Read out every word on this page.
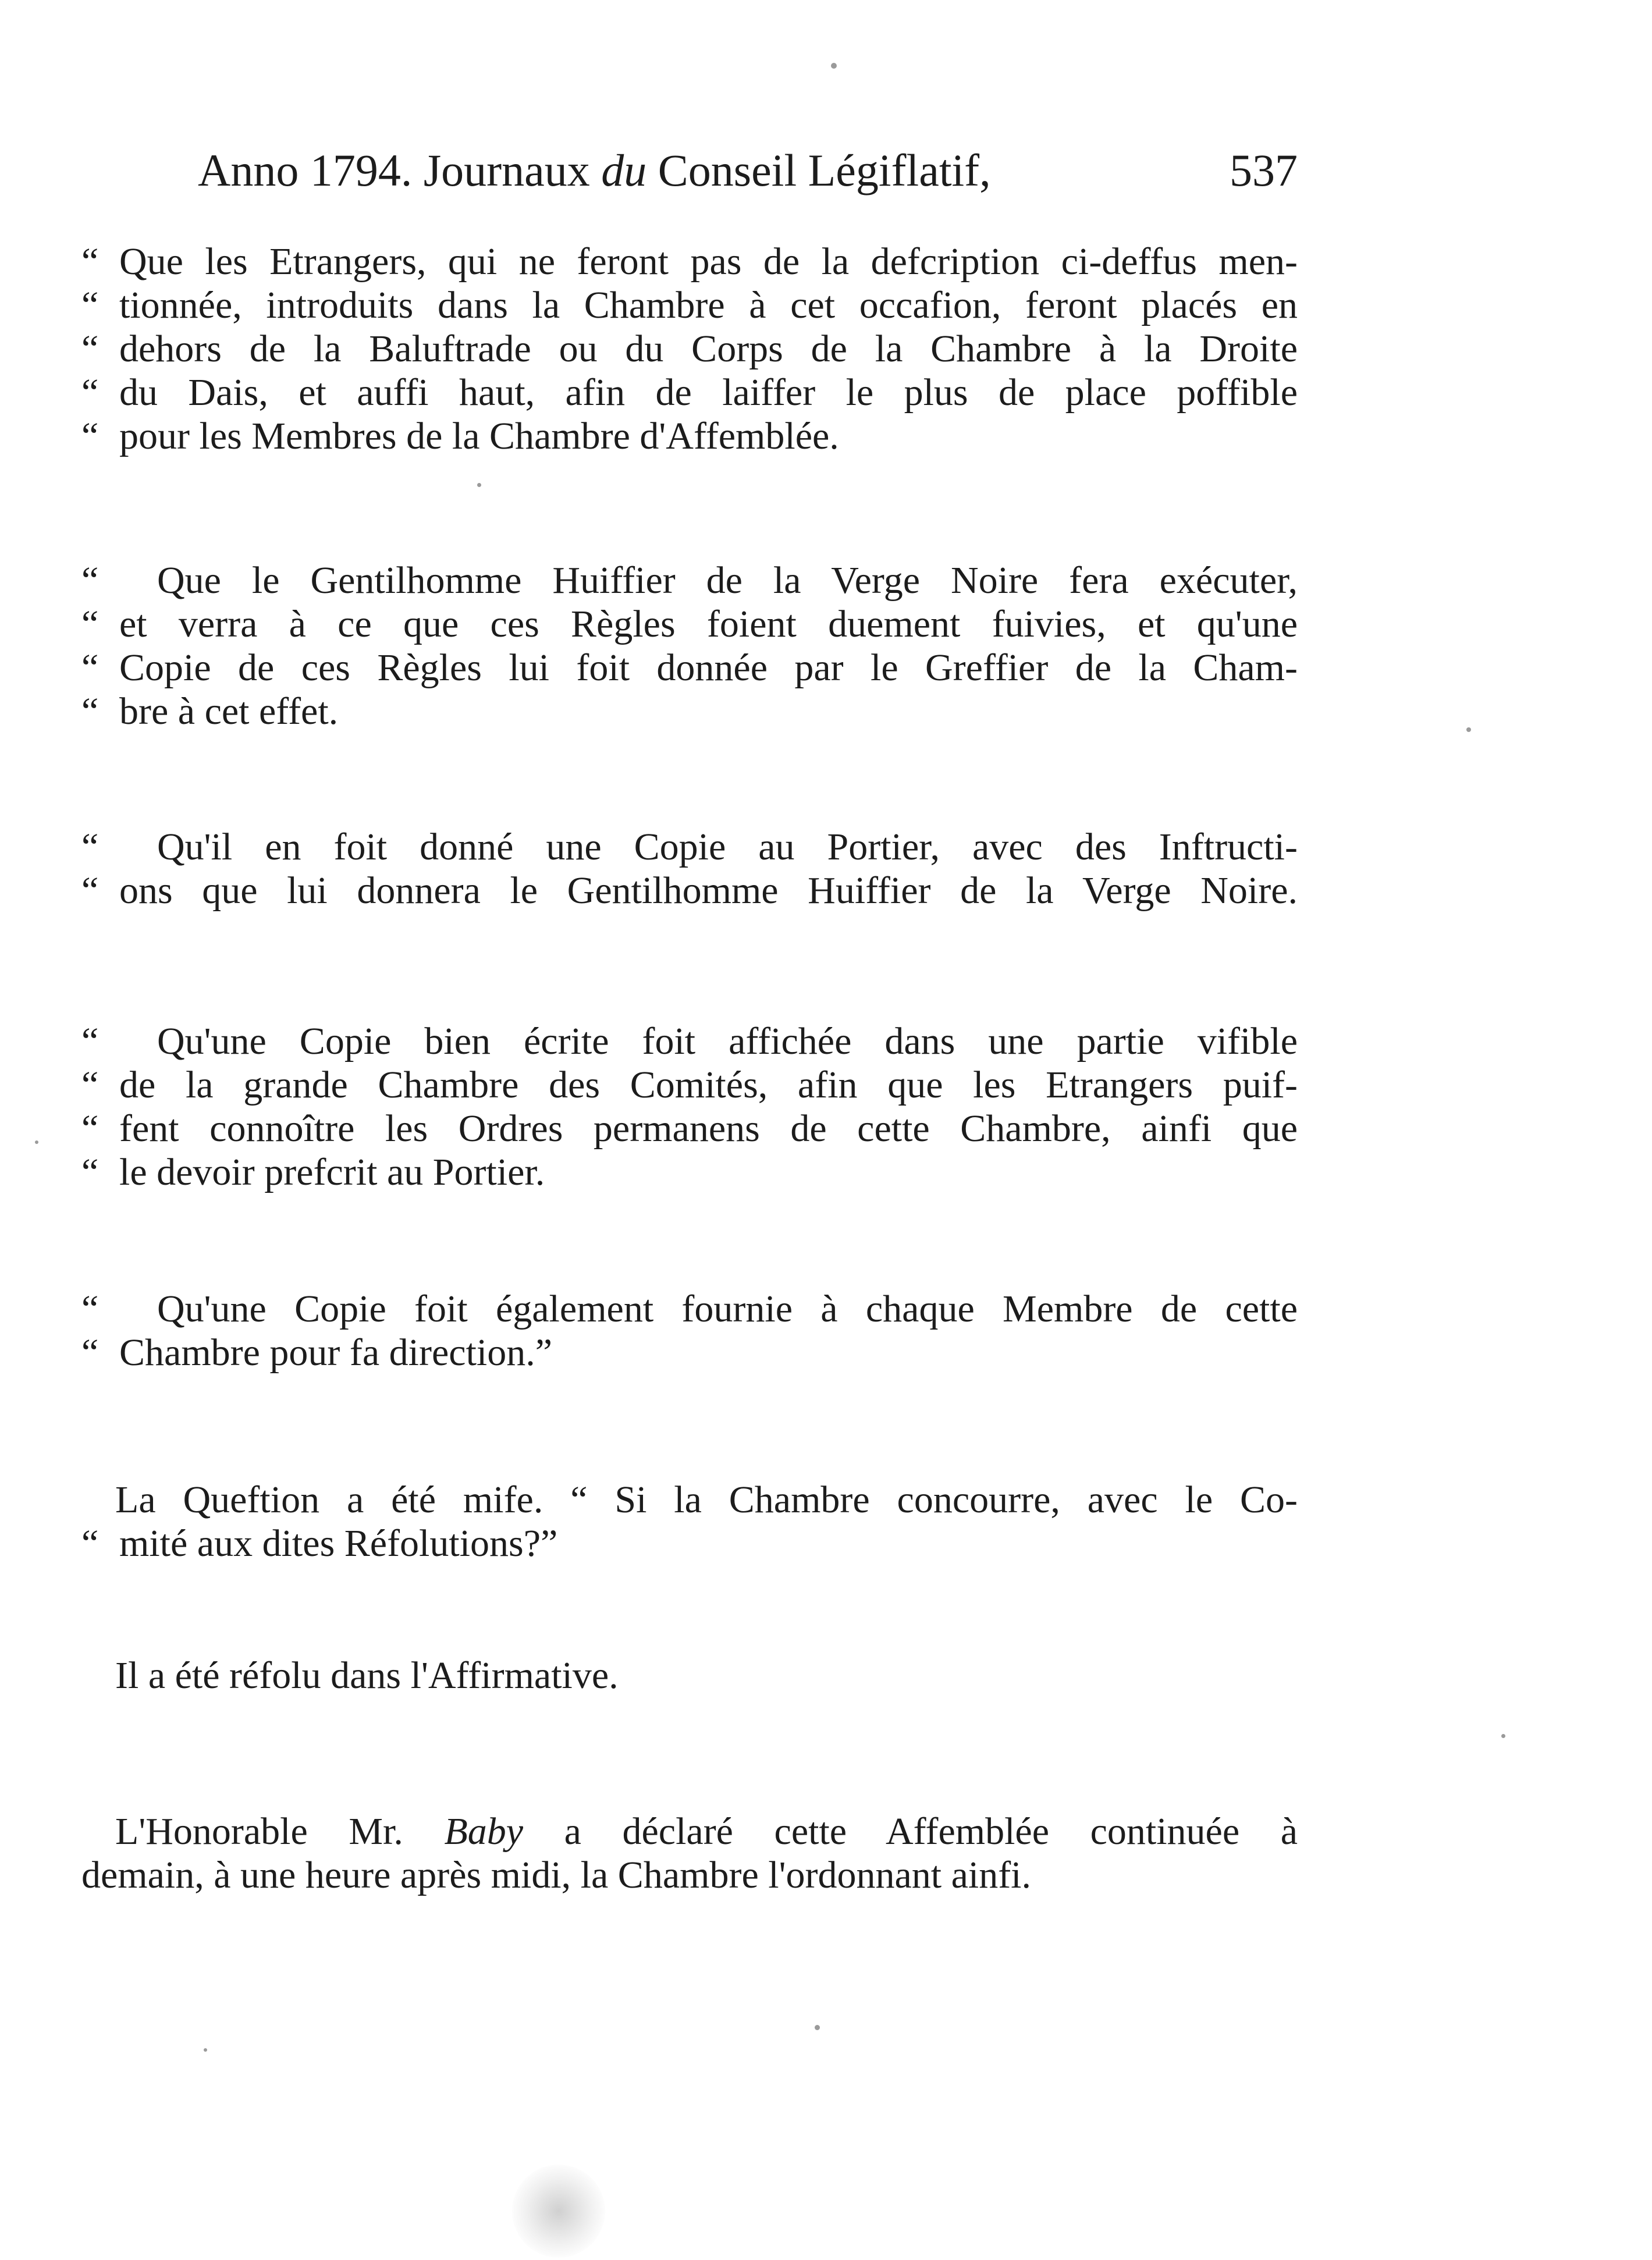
Anno 1794. Journaux du Conseil Légiflatif,	537
“ Que les Etrangers, qui ne feront pas de la defcription ci-deffus men-
“ tionnée, introduits dans la Chambre à cet occafion, feront placés en
“ dehors de la Baluftrade ou du Corps de la Chambre à la Droite
“ du Dais, et auffi haut, afin de laiffer le plus de place poffible
“ pour les Membres de la Chambre d'Affemblée.
“	Que le Gentilhomme Huiffier de la Verge Noire fera exécuter,
“ et verra à ce que ces Règles foient duement fuivies, et qu'une
“ Copie de ces Règles lui foit donnée par le Greffier de la Cham-
“ bre à cet effet.
“	Qu'il en foit donné une Copie au Portier, avec des Inftructi-
“ ons que lui donnera le Gentilhomme Huiffier de la Verge Noire.
“	Qu'une Copie bien écrite foit affichée dans une partie vifible
“ de la grande Chambre des Comités, afin que les Etrangers puif-
“ fent connoître les Ordres permanens de cette Chambre, ainfi que
“ le devoir prefcrit au Portier.
“	Qu'une Copie foit également fournie à chaque Membre de cette
“ Chambre pour fa direction.”
La Queftion a été mife. “ Si la Chambre concourre, avec le Co-
“ mité aux dites Réfolutions?”
Il a été réfolu dans l'Affirmative.
L'Honorable Mr. Baby a déclaré cette Affemblée continuée à
demain, à une heure après midi, la Chambre l'ordonnant ainfi.
